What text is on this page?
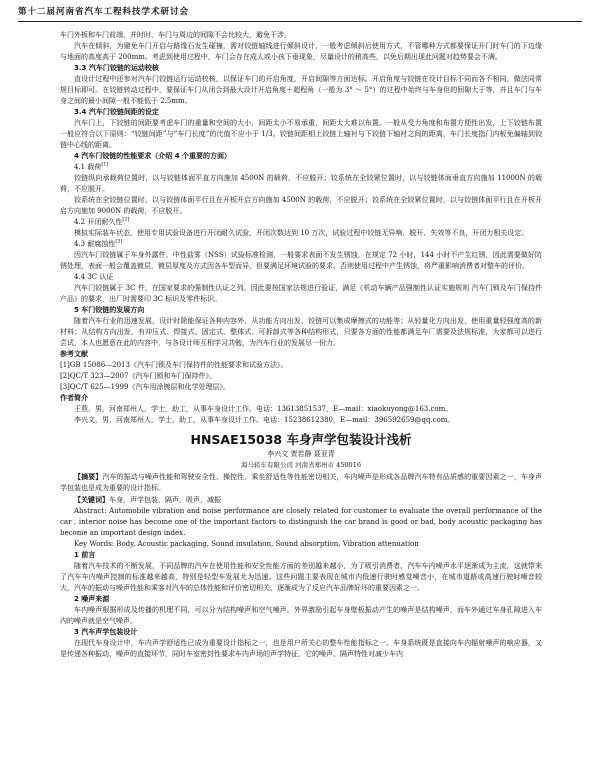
第十二届河南省汽车工程科技学术研讨会

车门外板和车门前端，并时时，车门与周边的间隙不会比较大，避免干涉。

汽车在倾斜，为避免车门开启与路缘石发生碰撞，需对铰链轴线进行倾斜设计，一般考虑倾斜后使用方式，不管哪种方式都要保证开门时车门的下边缘与地面的高度高于 200mm。考虑到使用过程中，车门会存在成人或小孩下垂现象，尽量设计的稍高些，以免后期出现此问题对趋势要会不满。

3.3 汽车门铰链的运动校核

直设计过程中还参对汽车门铰链运行运动校核，以保证车门的开启角度，开启间隙等方面达标。开启角度与铰链在设计目标不同而各不相同，做法同常规目标即可。在铰链转动过程中，要保证车门从闭合到最大设计开启角度＋超程角（一般为 3° ～ 5°）的过程中始终与车身但的间隙大于等，并且车门与车身之间的最小间隙一般不能低于 2.5mm。

3.4 汽车门铰链间距的设定

汽车门上，下铰链的间距要考虑车门的重量和空间的大小，间距太小不易承重，间距太大难以布置。一般从受力角度和布置方便性出发，上下铰链布置一般应符合以下原则：“铰链间距”与“车门长度”的比值不应小于 1/3。铰链间距相上铰链上轴衬与下铰链下轴衬之间的距离，车门长度指门内板免偏轴到铰链中心线的距离。

4 汽车门铰链的性能要求（介绍 4 个重要的方面）

4.1 载荷[1]

铰链纵向承载荷位置时，以与铰链体面平直方向施加 4500N 的载荷，不应脱开；铰系统在全铰紧位置时，以与铰链体面垂直方向施加 11000N 的载荷，不应脱开。

铰系统在全铰链位置时，以与铰链体面平行且在开板开启方向施加 4500N 的载荷，不应脱开；铰系统在全铰紧位置时，以与铰链体面平行且在开板开启方向施加 9000N 的载荷，不应脱开。

4.2 开闭耐久性[2]

模拟实际装车状态，使用专用试验设备进行开闭耐久试验，开闭次数达到 10 万次，试验过程中铰链无异响、脱开、失效等不良，开闭力相关设定。

4.3 耐腐蚀性[3]

因汽车门铰链属于车身外露件，中性盐雾（NSS）试验标准检测，一般要求表面不发生锈蚀，在规定 72 小时，144 小时不产生红锈，因此需要做好防锈处理，表面一般会覆盖镀层，镀层厚度及方式因各车型而异，但要满足环境试验的要求，否则使用过程中产生锈蚀，将严重影响消费者对整车的评价。

4.4 3C 认证

汽车门铰链属于 3C 件，在国家要求的强制性认证之列。因此要按国家法规进行验证，满足《机动车辆产品强制性认证实施规则 汽车门锁及车门保持件产品》的要求，出厂时需要印 3C 标识及零件标识。

5 车门铰链的发展方向

随着汽车行业的迅速发展，设计时除能保证各种内容外，从功能方向出发，铰链可以集成摩擦式的功能等；从轻量化方向出发，使用重量轻强度高的新材料；从结构方向出发，有冲压式、焊接式、固定式、整体式、可拆卸式等各种结构形式，只要各方面的性能都满足车厂需要及法规标准，大家都可以进行尝试，本人也愿意在此的内容中，与各设计师互相学习共勉，为汽车行业的发展尽一份力。

参考文献

[1]GB 15086—2013《汽车门锁及车门保持件的性能要求和试验方法》。

[2]QC/T 323—2007《汽车门锁和车门保持件》。

[3]QC/T 625—1999《汽车用涂镀层和化学处理层》。

作者简介

王燕，男，河南郑州人，学士，助工，从事车身设计工作。电话：13613851537，E—mail：xiaokuyong@163.com。

李兴文，男，河南郑州人，学士，助工，从事车身设计工作。电话：15238612380，E—mail：396592659@qq.com。

HNSAE15038 车身声学包装设计浅析

李兴文 贾若静 聂亚青

海马轿车有限公司 河南省郑州市 450016

【摘要】汽车的振动与噪声性能和驾驶安全性、操控性、乘坐舒适性等性能密切相关，车内噪声是形成各品牌汽车特有品质感的重要因素之一，车身声学包装也是成为重要的设计指标。

【关键词】车身，声学包装，隔声，吸声，减振

Abstract: Automobile vibration and noise performance are closely related for customer to evaluate the overall performance of the car , interior noise has become one of the important factors to distinguish the car brand is good or bad, body acoustic packaging has become an important design index.

Key Words: Body, Acoustic packaging, Sound insulation, Sound absorption, Vibration attenuation

1 前言

随着汽车技术的不断发展，不同品牌的汽车在使用性能和安全性能方面的差别越来越小，为了吸引消费者，汽车车内噪声水平逐渐成为主流，这就带来了汽车车内噪声控制的标准越来越高，特别是轻型车发展尤为迅速。这些问题主要表现在城市内低速行驶时感觉噪音小，在城市道路或高速行驶时噪音较大，汽车的振动与噪声性能和乘客对汽车的总体性能和评价密切相关，逐渐成为了反应汽车品牌好坏的重要因素之一。

2 噪声来源

车内噪声根据形成及传播的机理不同，可以分为结构噪声和空气噪声。外界激励引起车身壁板振动产生的噪声是结构噪声，而车外通过车身孔隙进入车内的噪声就是空气噪声。

3 汽车声学包装设计

在现代车身设计中，车内声学舒适性已成为重要设计指标之一，也是用户所关心的整车性能指标之一。车身系统既是直接向车内辐射噪声的响应器，又是传递各种振动、噪声的直接环节，同时车室密封性要求车内声场的声学特征，它的噪声、隔声特性对减少车内
